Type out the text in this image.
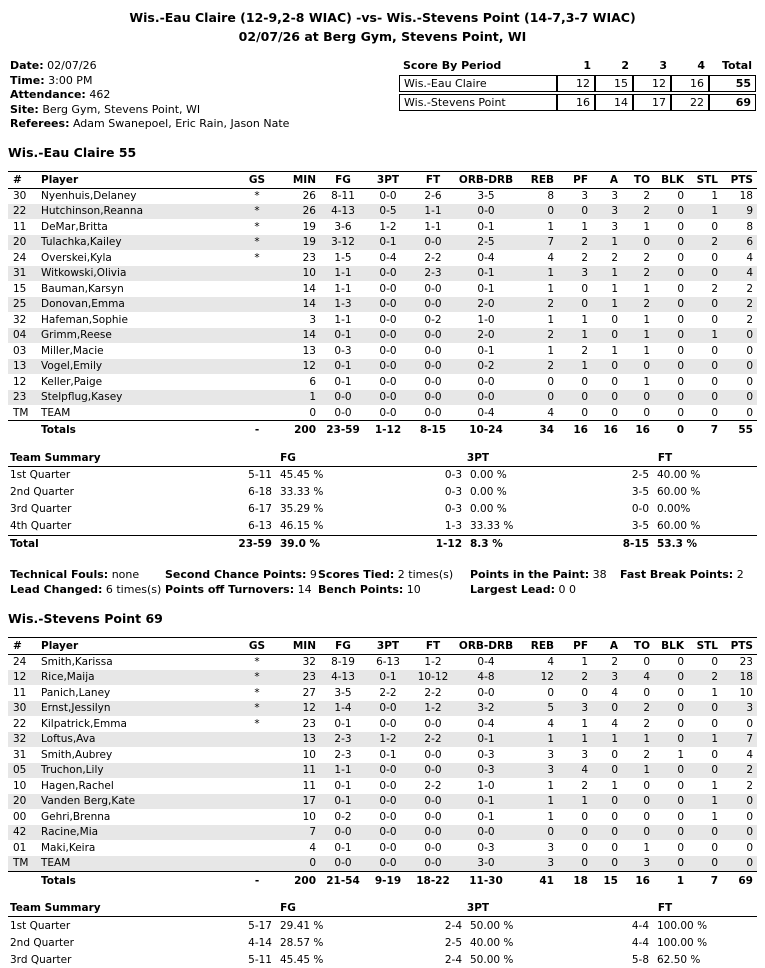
Wis.-Eau Claire (12-9,2-8 WIAC) -vs- Wis.-Stevens Point (14-7,3-7 WIAC)
02/07/26 at Berg Gym, Stevens Point, WI
Date: 02/07/26
Time: 3:00 PM
Attendance: 462
Site: Berg Gym, Stevens Point, WI
Referees: Adam Swanepoel, Eric Rain, Jason Nate
Score By Period	1	2	3	4	Total
Wis.-Eau Claire	12	15	12	16	55
Wis.-Stevens Point	16	14	17	22	69
Wis.-Eau Claire 55
#	Player	GS	MIN	FG	3PT	FT	ORB-DRB	REB	PF	A	TO	BLK	STL	PTS
30	Nyenhuis,Delaney	*	26	8-11	0-0	2-6	3-5	8	3	3	2	0	1	18
22	Hutchinson,Reanna	*	26	4-13	0-5	1-1	0-0	0	0	3	2	0	1	9
11	DeMar,Britta	*	19	3-6	1-2	1-1	0-1	1	1	3	1	0	0	8
20	Tulachka,Kailey	*	19	3-12	0-1	0-0	2-5	7	2	1	0	0	2	6
24	Overskei,Kyla	*	23	1-5	0-4	2-2	0-4	4	2	2	2	0	0	4
31	Witkowski,Olivia		10	1-1	0-0	2-3	0-1	1	3	1	2	0	0	4
15	Bauman,Karsyn		14	1-1	0-0	0-0	0-1	1	0	1	1	0	2	2
25	Donovan,Emma		14	1-3	0-0	0-0	2-0	2	0	1	2	0	0	2
32	Hafeman,Sophie		3	1-1	0-0	0-2	1-0	1	1	0	1	0	0	2
04	Grimm,Reese		14	0-1	0-0	0-0	2-0	2	1	0	1	0	1	0
03	Miller,Macie		13	0-3	0-0	0-0	0-1	1	2	1	1	0	0	0
13	Vogel,Emily		12	0-1	0-0	0-0	0-2	2	1	0	0	0	0	0
12	Keller,Paige		6	0-1	0-0	0-0	0-0	0	0	0	1	0	0	0
23	Stelpflug,Kasey		1	0-0	0-0	0-0	0-0	0	0	0	0	0	0	0
TM	TEAM		0	0-0	0-0	0-0	0-4	4	0	0	0	0	0	0
	Totals	-	200	23-59	1-12	8-15	10-24	34	16	16	16	0	7	55
Team Summary	FG	3PT	FT
1st Quarter	5-11 45.45 %	0-3 0.00 %	2-5 40.00 %

2nd Quarter	6-18 33.33 %	0-3 0.00 %	3-5 60.00 %

3rd Quarter	6-17 35.29 %	0-3 0.00 %	0-0 0.00%

4th Quarter	6-13 46.15 %	1-3 33.33 %	3-5 60.00 %

Total	23-59 39.0 %	1-12 8.3 %	8-15 53.3 %
Technical Fouls: none	Second Chance Points: 9 Scores Tied: 2 times(s)	Points in the Paint: 38	Fast Break Points: 2
Lead Changed: 6 times(s) Points off Turnovers: 14 Bench Points: 10	Largest Lead: 0 0
Wis.-Stevens Point 69
#	Player	GS	MIN	FG	3PT	FT	ORB-DRB	REB	PF	A	TO	BLK	STL	PTS
24	Smith,Karissa	*	32	8-19	6-13	1-2	0-4	4	1	2	0	0	0	23
12	Rice,Maija	*	23	4-13	0-1	10-12	4-8	12	2	3	4	0	2	18
11	Panich,Laney	*	27	3-5	2-2	2-2	0-0	0	0	4	0	0	1	10
30	Ernst,Jessilyn	*	12	1-4	0-0	1-2	3-2	5	3	0	2	0	0	3
22	Kilpatrick,Emma	*	23	0-1	0-0	0-0	0-4	4	1	4	2	0	0	0
32	Loftus,Ava		13	2-3	1-2	2-2	0-1	1	1	1	1	0	1	7
31	Smith,Aubrey		10	2-3	0-1	0-0	0-3	3	3	0	2	1	0	4
05	Truchon,Lily		11	1-1	0-0	0-0	0-3	3	4	0	1	0	0	2
10	Hagen,Rachel		11	0-1	0-0	2-2	1-0	1	2	1	0	0	1	2
20	Vanden Berg,Kate		17	0-1	0-0	0-0	0-1	1	1	0	0	0	1	0
00	Gehri,Brenna		10	0-2	0-0	0-0	0-1	1	0	0	0	0	1	0
42	Racine,Mia		7	0-0	0-0	0-0	0-0	0	0	0	0	0	0	0
01	Maki,Keira		4	0-1	0-0	0-0	0-3	3	0	0	1	0	0	0
TM	TEAM		0	0-0	0-0	0-0	3-0	3	0	0	3	0	0	0
	Totals	-	200	21-54	9-19	18-22	11-30	41	18	15	16	1	7	69
Team Summary	FG	3PT	FT
1st Quarter	5-17 29.41 %	2-4 50.00 %	4-4 100.00 %

2nd Quarter	4-14 28.57 %	2-5 40.00 %	4-4 100.00 %

3rd Quarter	5-11 45.45 %	2-4 50.00 %	5-8 62.50 %
